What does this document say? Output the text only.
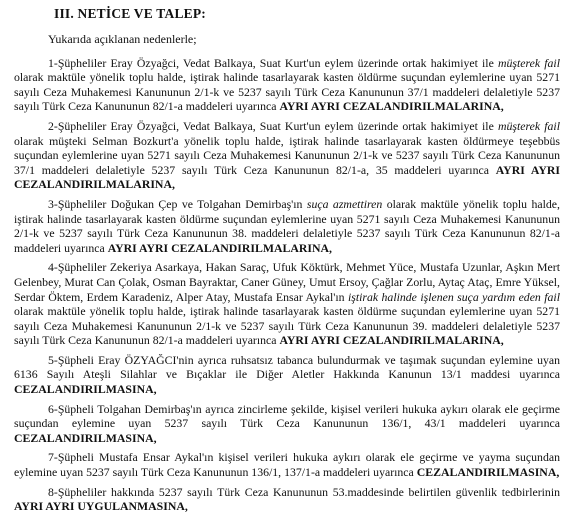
III. NETİCE VE TALEP:
Yukarıda açıklanan nedenlerle;
1-Şüpheliler Eray Özyağci, Vedat Balkaya, Suat Kurt'un eylem üzerinde ortak hakimiyet ile müşterek fail olarak maktüle yönelik toplu halde, iştirak halinde tasarlayarak kasten öldürme suçundan eylemlerine uyan 5271 sayılı Ceza Muhakemesi Kanununun 2/1-k ve 5237 sayılı Türk Ceza Kanununun 37/1 maddeleri delaletiyle 5237 sayılı Türk Ceza Kanununun 82/1-a maddeleri uyarınca AYRI AYRI CEZALANDIRILMALARINA,
2-Şüpheliler Eray Özyağci, Vedat Balkaya, Suat Kurt'un eylem üzerinde ortak hakimiyet ile müşterek fail olarak müşteki Selman Bozkurt'a yönelik toplu halde, iştirak halinde tasarlayarak kasten öldürmeye teşebbüs suçundan eylemlerine uyan 5271 sayılı Ceza Muhakemesi Kanununun 2/1-k ve 5237 sayılı Türk Ceza Kanununun 37/1 maddeleri delaletiyle 5237 sayılı Türk Ceza Kanununun 82/1-a, 35 maddeleri uyarınca AYRI AYRI CEZALANDIRILMALARINA,
3-Şüpheliler Doğukan Çep ve Tolgahan Demirbaş'ın suça azmettiren olarak maktüle yönelik toplu halde, iştirak halinde tasarlayarak kasten öldürme suçundan eylemlerine uyan 5271 sayılı Ceza Muhakemesi Kanununun 2/1-k ve 5237 sayılı Türk Ceza Kanununun 38. maddeleri delaletiyle 5237 sayılı Türk Ceza Kanununun 82/1-a maddeleri uyarınca AYRI AYRI CEZALANDIRILMALARINA,
4-Şüpheliler Zekeriya Asarkaya, Hakan Saraç, Ufuk Köktürk, Mehmet Yüce, Mustafa Uzunlar, Aşkın Mert Gelenbey, Murat Can Çolak, Osman Bayraktar, Caner Güney, Umut Ersoy, Çağlar Zorlu, Aytaç Ataç, Emre Yüksel, Serdar Öktem, Erdem Karadeniz, Alper Atay, Mustafa Ensar Aykal'ın iştirak halinde işlenen suça yardım eden fail olarak maktüle yönelik toplu halde, iştirak halinde tasarlayarak kasten öldürme suçundan eylemlerine uyan 5271 sayılı Ceza Muhakemesi Kanununun 2/1-k ve 5237 sayılı Türk Ceza Kanununun 39. maddeleri delaletiyle 5237 sayılı Türk Ceza Kanununun 82/1-a maddeleri uyarınca AYRI AYRI CEZALANDIRILMALARINA,
5-Şüpheli Eray ÖZYAĞCI'nin ayrıca ruhsatsız tabanca bulundurmak ve taşımak suçundan eylemine uyan 6136 Sayılı Ateşli Silahlar ve Bıçaklar ile Diğer Aletler Hakkında Kanunun 13/1 maddesi uyarınca CEZALANDIRILMASINA,
6-Şüpheli Tolgahan Demirbaş'ın ayrıca zincirleme şekilde, kişisel verileri hukuka aykırı olarak ele geçirme suçundan eylemine uyan 5237 sayılı Türk Ceza Kanununun 136/1, 43/1 maddeleri uyarınca CEZALANDIRILMASINA,
7-Şüpheli Mustafa Ensar Aykal'ın kişisel verileri hukuka aykırı olarak ele geçirme ve yayma suçundan eylemine uyan 5237 sayılı Türk Ceza Kanununun 136/1, 137/1-a maddeleri uyarınca CEZALANDIRILMASINA,
8-Şüpheliler hakkında 5237 sayılı Türk Ceza Kanununun 53.maddesinde belirtilen güvenlik tedbirlerinin AYRI AYRI UYGULANMASINA,
